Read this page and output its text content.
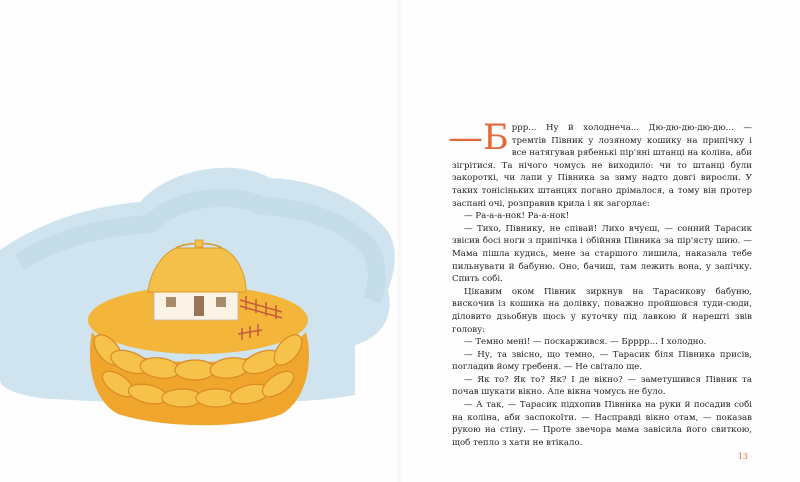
—Б ррр... Ну й холоднеча... Дю-дю-дю-дю-дю... — тремтів Півник у лозяному кошику на припічку і все натягував рябенькі пір'яні штанці на коліна, аби зігрітися. Та нічого чомусь не виходило: чи то штанці були закороткі, чи лапи у Півника за зиму надто довгі виросли. У таких тонісіньких штанцях погано дрімалося, а тому він протер заспані очі, розправив крила і як загорлає:

— Ра-а-а-нок! Ра-а-нок!

— Тихо, Півнику, не співай! Лихо вчуєш, — сонний Тарасик звісив босі ноги з припічка і обійняв Півника за пір'ясту шию. — Мама пішла кудись, мене за старшого лишила, наказала тебе пильнувати й бабуню. Оно, бачиш, там лежить вона, у запічку. Спить собі.

Цікавим оком Півник зиркнув на Тарасикову бабуню, вискочив із кошика на долівку, поважно пройшовся туди-сюди, діловито дзьобнув щось у куточку під лавкою й нарешті звів голову:

— Темно мені! — поскаржився. — Брррр... І холодно.

— Ну, та звісно, що темно, — Тарасик біля Півника присів, погладив йому гребеня. — Не світало ще.

— Як то? Як то? Як? І де вікно? — заметушився Півник та почав шукати вікно. Але вікна чомусь не було.

— А так, — Тарасик підхопив Півника на руки й посадив собі на коліна, аби заспокоїти. — Насправді вікно отам, — показав рукою на стіну. — Проте звечора мама завісила його свиткою, щоб тепло з хати не втікало.

13
